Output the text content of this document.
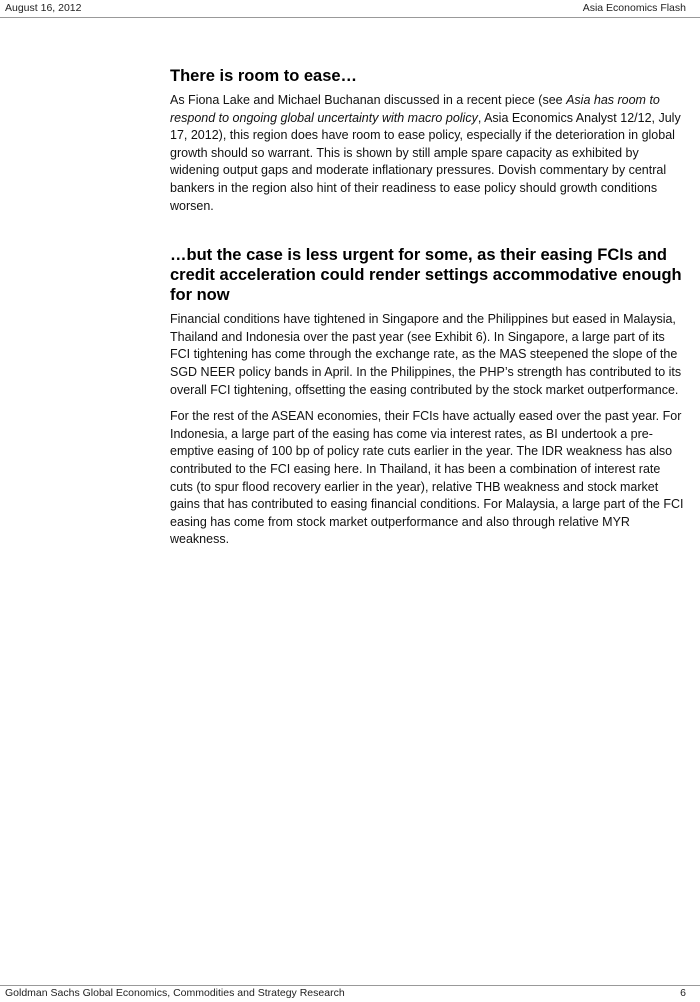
August 16, 2012	Asia Economics Flash
There is room to ease…

As Fiona Lake and Michael Buchanan discussed in a recent piece (see Asia has room to respond to ongoing global uncertainty with macro policy, Asia Economics Analyst 12/12, July 17, 2012), this region does have room to ease policy, especially if the deterioration in global growth should so warrant. This is shown by still ample spare capacity as exhibited by widening output gaps and moderate inflationary pressures. Dovish commentary by central bankers in the region also hint of their readiness to ease policy should growth conditions worsen.

…but the case is less urgent for some, as their easing FCIs and credit acceleration could render settings accommodative enough for now

Financial conditions have tightened in Singapore and the Philippines but eased in Malaysia, Thailand and Indonesia over the past year (see Exhibit 6). In Singapore, a large part of its FCI tightening has come through the exchange rate, as the MAS steepened the slope of the SGD NEER policy bands in April. In the Philippines, the PHP’s strength has contributed to its overall FCI tightening, offsetting the easing contributed by the stock market outperformance.

For the rest of the ASEAN economies, their FCIs have actually eased over the past year. For Indonesia, a large part of the easing has come via interest rates, as BI undertook a pre-emptive easing of 100 bp of policy rate cuts earlier in the year. The IDR weakness has also contributed to the FCI easing here. In Thailand, it has been a combination of interest rate cuts (to spur flood recovery earlier in the year), relative THB weakness and stock market gains that has contributed to easing financial conditions. For Malaysia, a large part of the FCI easing has come from stock market outperformance and also through relative MYR weakness.

Goldman Sachs Global Economics, Commodities and Strategy Research	6
